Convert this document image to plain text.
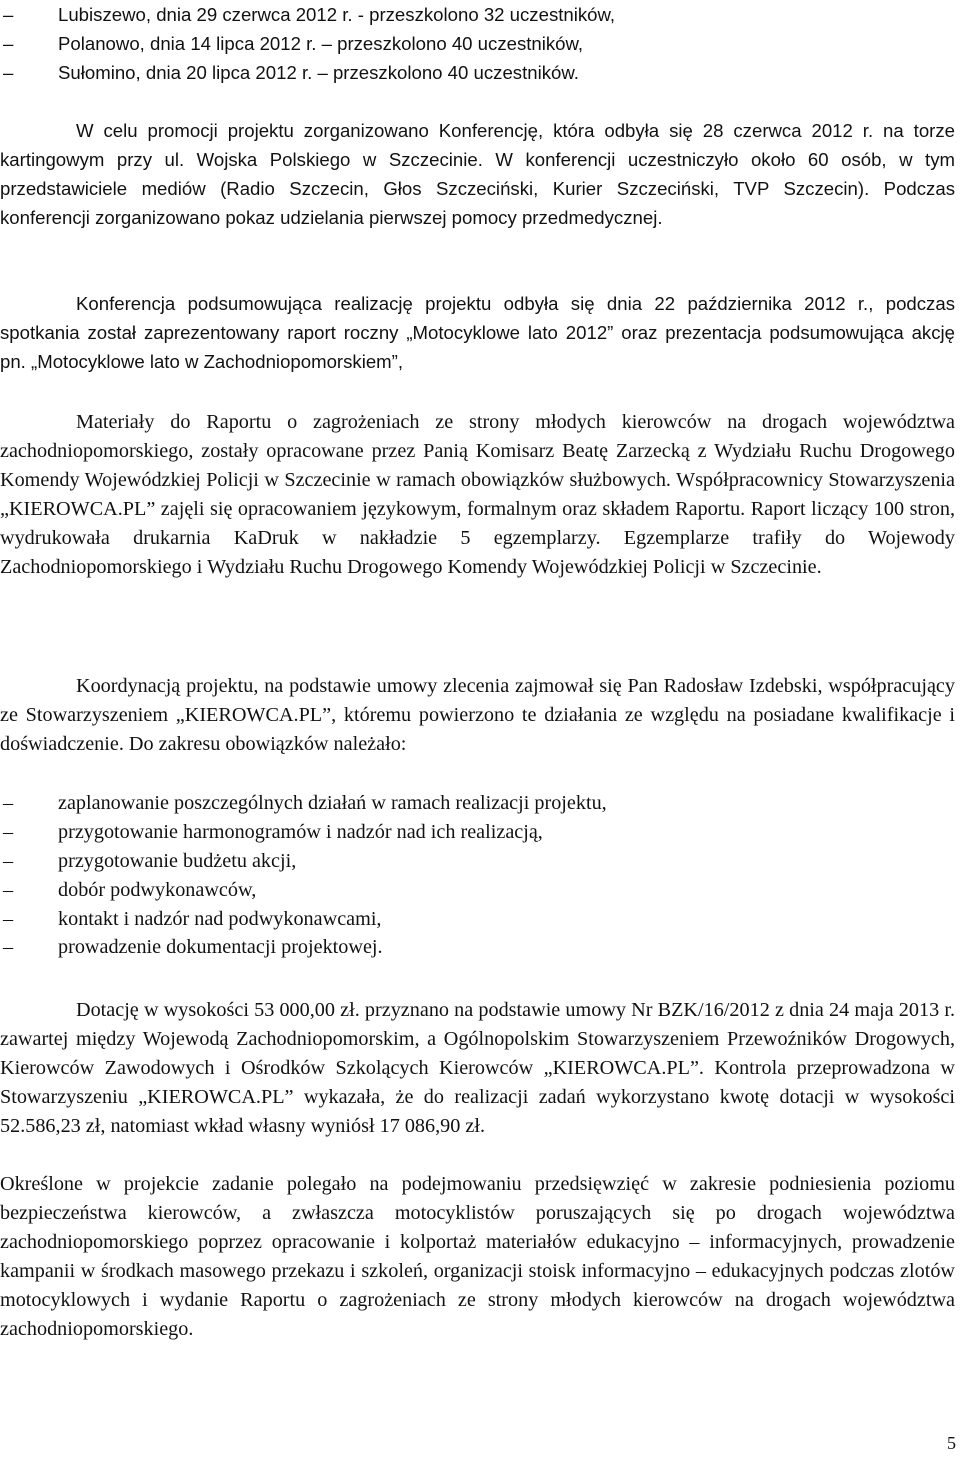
– Lubiszewo, dnia 29 czerwca 2012 r. - przeszkolono 32 uczestników,
– Polanowo, dnia 14 lipca 2012 r. – przeszkolono 40 uczestników,
– Sułomino, dnia 20 lipca 2012 r. – przeszkolono 40 uczestników.

W celu promocji projektu zorganizowano Konferencję, która odbyła się 28 czerwca 2012 r. na torze kartingowym przy ul. Wojska Polskiego w Szczecinie. W konferencji uczestniczyło około 60 osób, w tym przedstawiciele mediów (Radio Szczecin, Głos Szczeciński, Kurier Szczeciński, TVP Szczecin). Podczas konferencji zorganizowano pokaz udzielania pierwszej pomocy przedmedycznej.

Konferencja podsumowująca realizację projektu odbyła się dnia 22 października 2012 r., podczas spotkania został zaprezentowany raport roczny „Motocyklowe lato 2012” oraz prezentacja podsumowująca akcję pn. „Motocyklowe lato w Zachodniopomorskiem”,

Materiały do Raportu o zagrożeniach ze strony młodych kierowców na drogach województwa zachodniopomorskiego, zostały opracowane przez Panią Komisarz Beatę Zarzecką z Wydziału Ruchu Drogowego Komendy Wojewódzkiej Policji w Szczecinie w ramach obowiązków służbowych. Współpracownicy Stowarzyszenia „KIEROWCA.PL” zajęli się opracowaniem językowym, formalnym oraz składem Raportu. Raport liczący 100 stron, wydrukowała drukarnia KaDruk w nakładzie 5 egzemplarzy. Egzemplarze trafiły do Wojewody Zachodniopomorskiego i Wydziału Ruchu Drogowego Komendy Wojewódzkiej Policji w Szczecinie.

Koordynacją projektu, na podstawie umowy zlecenia zajmował się Pan Radosław Izdebski, współpracujący ze Stowarzyszeniem „KIEROWCA.PL”, któremu powierzono te działania ze względu na posiadane kwalifikacje i doświadczenie. Do zakresu obowiązków należało:

– zaplanowanie poszczególnych działań w ramach realizacji projektu,
– przygotowanie harmonogramów i nadzór nad ich realizacją,
– przygotowanie budżetu akcji,
– dobór podwykonawców,
– kontakt i nadzór nad podwykonawcami,
– prowadzenie dokumentacji projektowej.

Dotację w wysokości 53 000,00 zł. przyznano na podstawie umowy Nr BZK/16/2012 z dnia 24 maja 2013 r. zawartej między Wojewodą Zachodniopomorskim, a Ogólnopolskim Stowarzyszeniem Przewoźników Drogowych, Kierowców Zawodowych i Ośrodków Szkolących Kierowców „KIEROWCA.PL”. Kontrola przeprowadzona w Stowarzyszeniu „KIEROWCA.PL” wykazała, że do realizacji zadań wykorzystano kwotę dotacji w wysokości 52.586,23 zł, natomiast wkład własny wyniósł 17 086,90 zł.

Określone w projekcie zadanie polegało na podejmowaniu przedsięwzięć w zakresie podniesienia poziomu bezpieczeństwa kierowców, a zwłaszcza motocyklistów poruszających się po drogach województwa zachodniopomorskiego poprzez opracowanie i kolportaż materiałów edukacyjno – informacyjnych, prowadzenie kampanii w środkach masowego przekazu i szkoleń, organizacji stoisk informacyjno – edukacyjnych podczas zlotów motocyklowych i wydanie Raportu o zagrożeniach ze strony młodych kierowców na drogach województwa zachodniopomorskiego.

5
